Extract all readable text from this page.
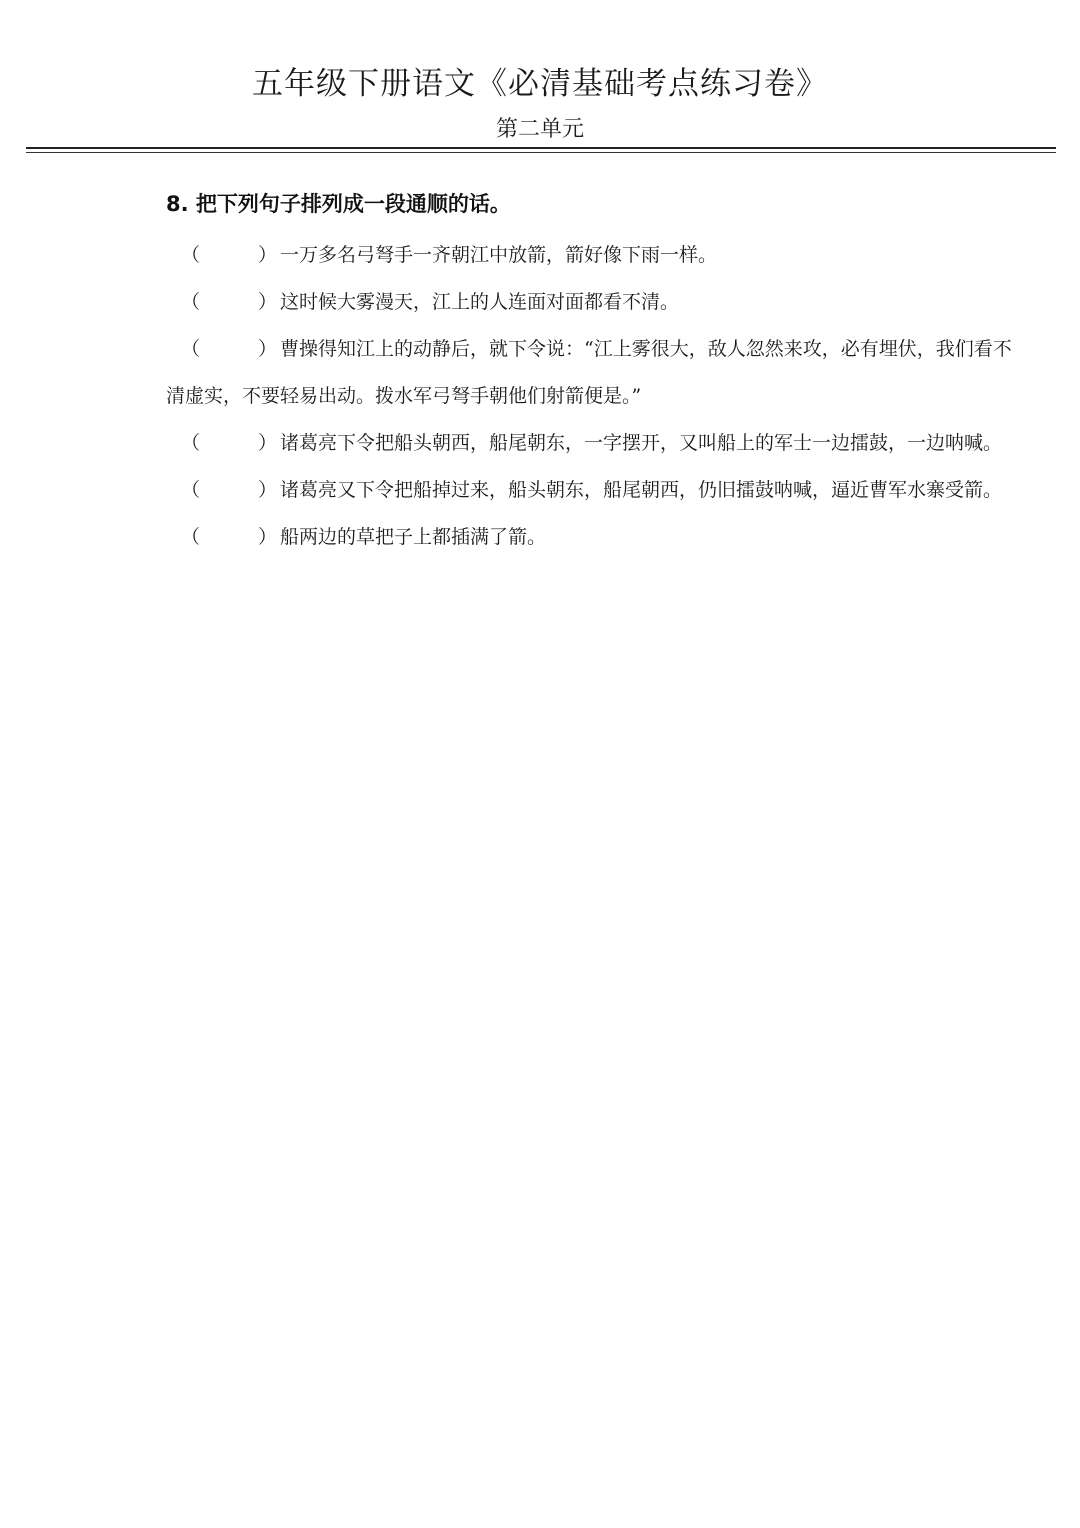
五年级下册语文《必清基础考点练习卷》
第二单元
8. 把下列句子排列成一段通顺的话。

（	） 一万多名弓弩手一齐朝江中放箭，箭好像下雨一样。

（	） 这时候大雾漫天，江上的人连面对面都看不清。

（	） 曹操得知江上的动静后，就下令说：“江上雾很大，敌人忽然来攻，必有埋伏，我们看不清虚实，不要轻易出动。拨水军弓弩手朝他们射箭便是。”

（	） 诸葛亮下令把船头朝西，船尾朝东，一字摆开，又叫船上的军士一边擂鼓，一边呐喊。

（	） 诸葛亮又下令把船掉过来，船头朝东，船尾朝西，仍旧擂鼓呐喊，逼近曹军水寨受箭。

（	） 船两边的草把子上都插满了箭。
